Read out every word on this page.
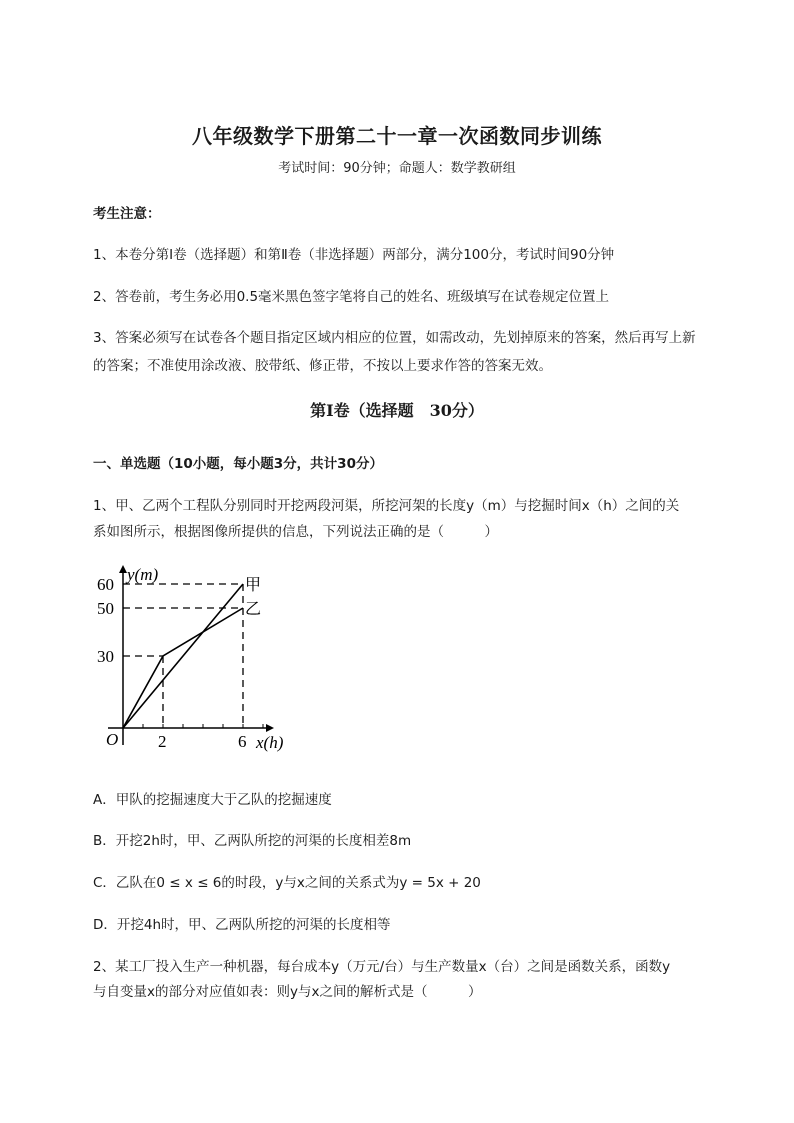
八年级数学下册第二十一章一次函数同步训练
考试时间：90分钟；命题人：数学教研组
考生注意：
1、本卷分第I卷（选择题）和第Ⅱ卷（非选择题）两部分，满分100分，考试时间90分钟
2、答卷前，考生务必用0.5毫米黑色签字笔将自己的姓名、班级填写在试卷规定位置上
3、答案必须写在试卷各个题目指定区域内相应的位置，如需改动，先划掉原来的答案，然后再写上新
的答案；不准使用涂改液、胶带纸、修正带，不按以上要求作答的答案无效。
第I卷（选择题　30分）
一、单选题（10小题，每小题3分，共计30分）
1、甲、乙两个工程队分别同时开挖两段河渠，所挖河架的长度y（m）与挖掘时间x（h）之间的关
系如图所示，根据图像所提供的信息，下列说法正确的是（　　　）
y(m)
x(h)
O 2	6
30
50
60	甲
乙
A．甲队的挖掘速度大于乙队的挖掘速度
B．开挖2h时，甲、乙两队所挖的河渠的长度相差8m
C．乙队在0 ≤ x ≤ 6的时段，y与x之间的关系式为y = 5x + 20
D．开挖4h时，甲、乙两队所挖的河渠的长度相等
2、某工厂投入生产一种机器，每台成本y（万元/台）与生产数量x（台）之间是函数关系，函数y
与自变量x的部分对应值如表：则y与x之间的解析式是（　　　）
